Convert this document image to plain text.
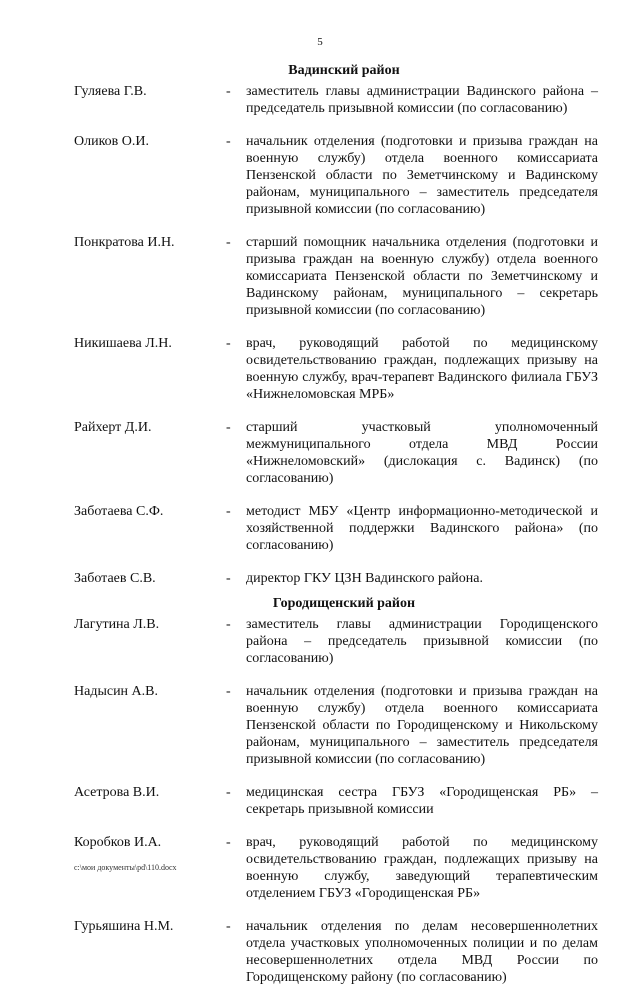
5
Вадинский район
Гуляева Г.В.	-	заместитель главы администрации Вадинского района – председатель призывной комиссии (по согласованию)
Оликов О.И.	-	начальник отделения (подготовки и призыва граждан на военную службу) отдела военного комиссариата Пензенской области по Земетчинскому и Вадинскому районам, муниципального – заместитель председателя призывной комиссии (по согласованию)
Понкратова И.Н.	-	старший помощник начальника отделения (подготовки и призыва граждан на военную службу) отдела военного комиссариата Пензенской области по Земетчинскому и Вадинскому районам, муниципального – секретарь призывной комиссии (по согласованию)
Никишаева Л.Н.	-	врач, руководящий работой по медицинскому освидетельствованию граждан, подлежащих призыву на военную службу, врач-терапевт Вадинского филиала ГБУЗ «Нижнеломовская МРБ»
Райхерт Д.И.	-	старший участковый уполномоченный межмуниципального отдела МВД России «Нижнеломовский» (дислокация с. Вадинск) (по согласованию)
Заботаева С.Ф.	-	методист МБУ «Центр информационно-методической и хозяйственной поддержки Вадинского района» (по согласованию)
Заботаев С.В.	-	директор ГКУ ЦЗН Вадинского района.
Городищенский район
Лагутина Л.В.	-	заместитель главы администрации Городищенского района – председатель призывной комиссии (по согласованию)
Надысин А.В.	-	начальник отделения (подготовки и призыва граждан на военную службу) отдела военного комиссариата Пензенской области по Городищенскому и Никольскому районам, муниципального – заместитель председателя призывной комиссии (по согласованию)
Асетрова В.И.	-	медицинская сестра ГБУЗ «Городищенская РБ» – секретарь призывной комиссии
Коробков И.А.	-	врач, руководящий работой по медицинскому освидетельствованию граждан, подлежащих призыву на военную службу, заведующий терапевтическим отделением ГБУЗ «Городищенская РБ»
Гурьяшина Н.М.	-	начальник отделения по делам несовершеннолетних отдела участковых уполномоченных полиции и по делам несовершеннолетних отдела МВД России по Городищенскому району (по согласованию)
c:\мои документы\pd\110.docx
